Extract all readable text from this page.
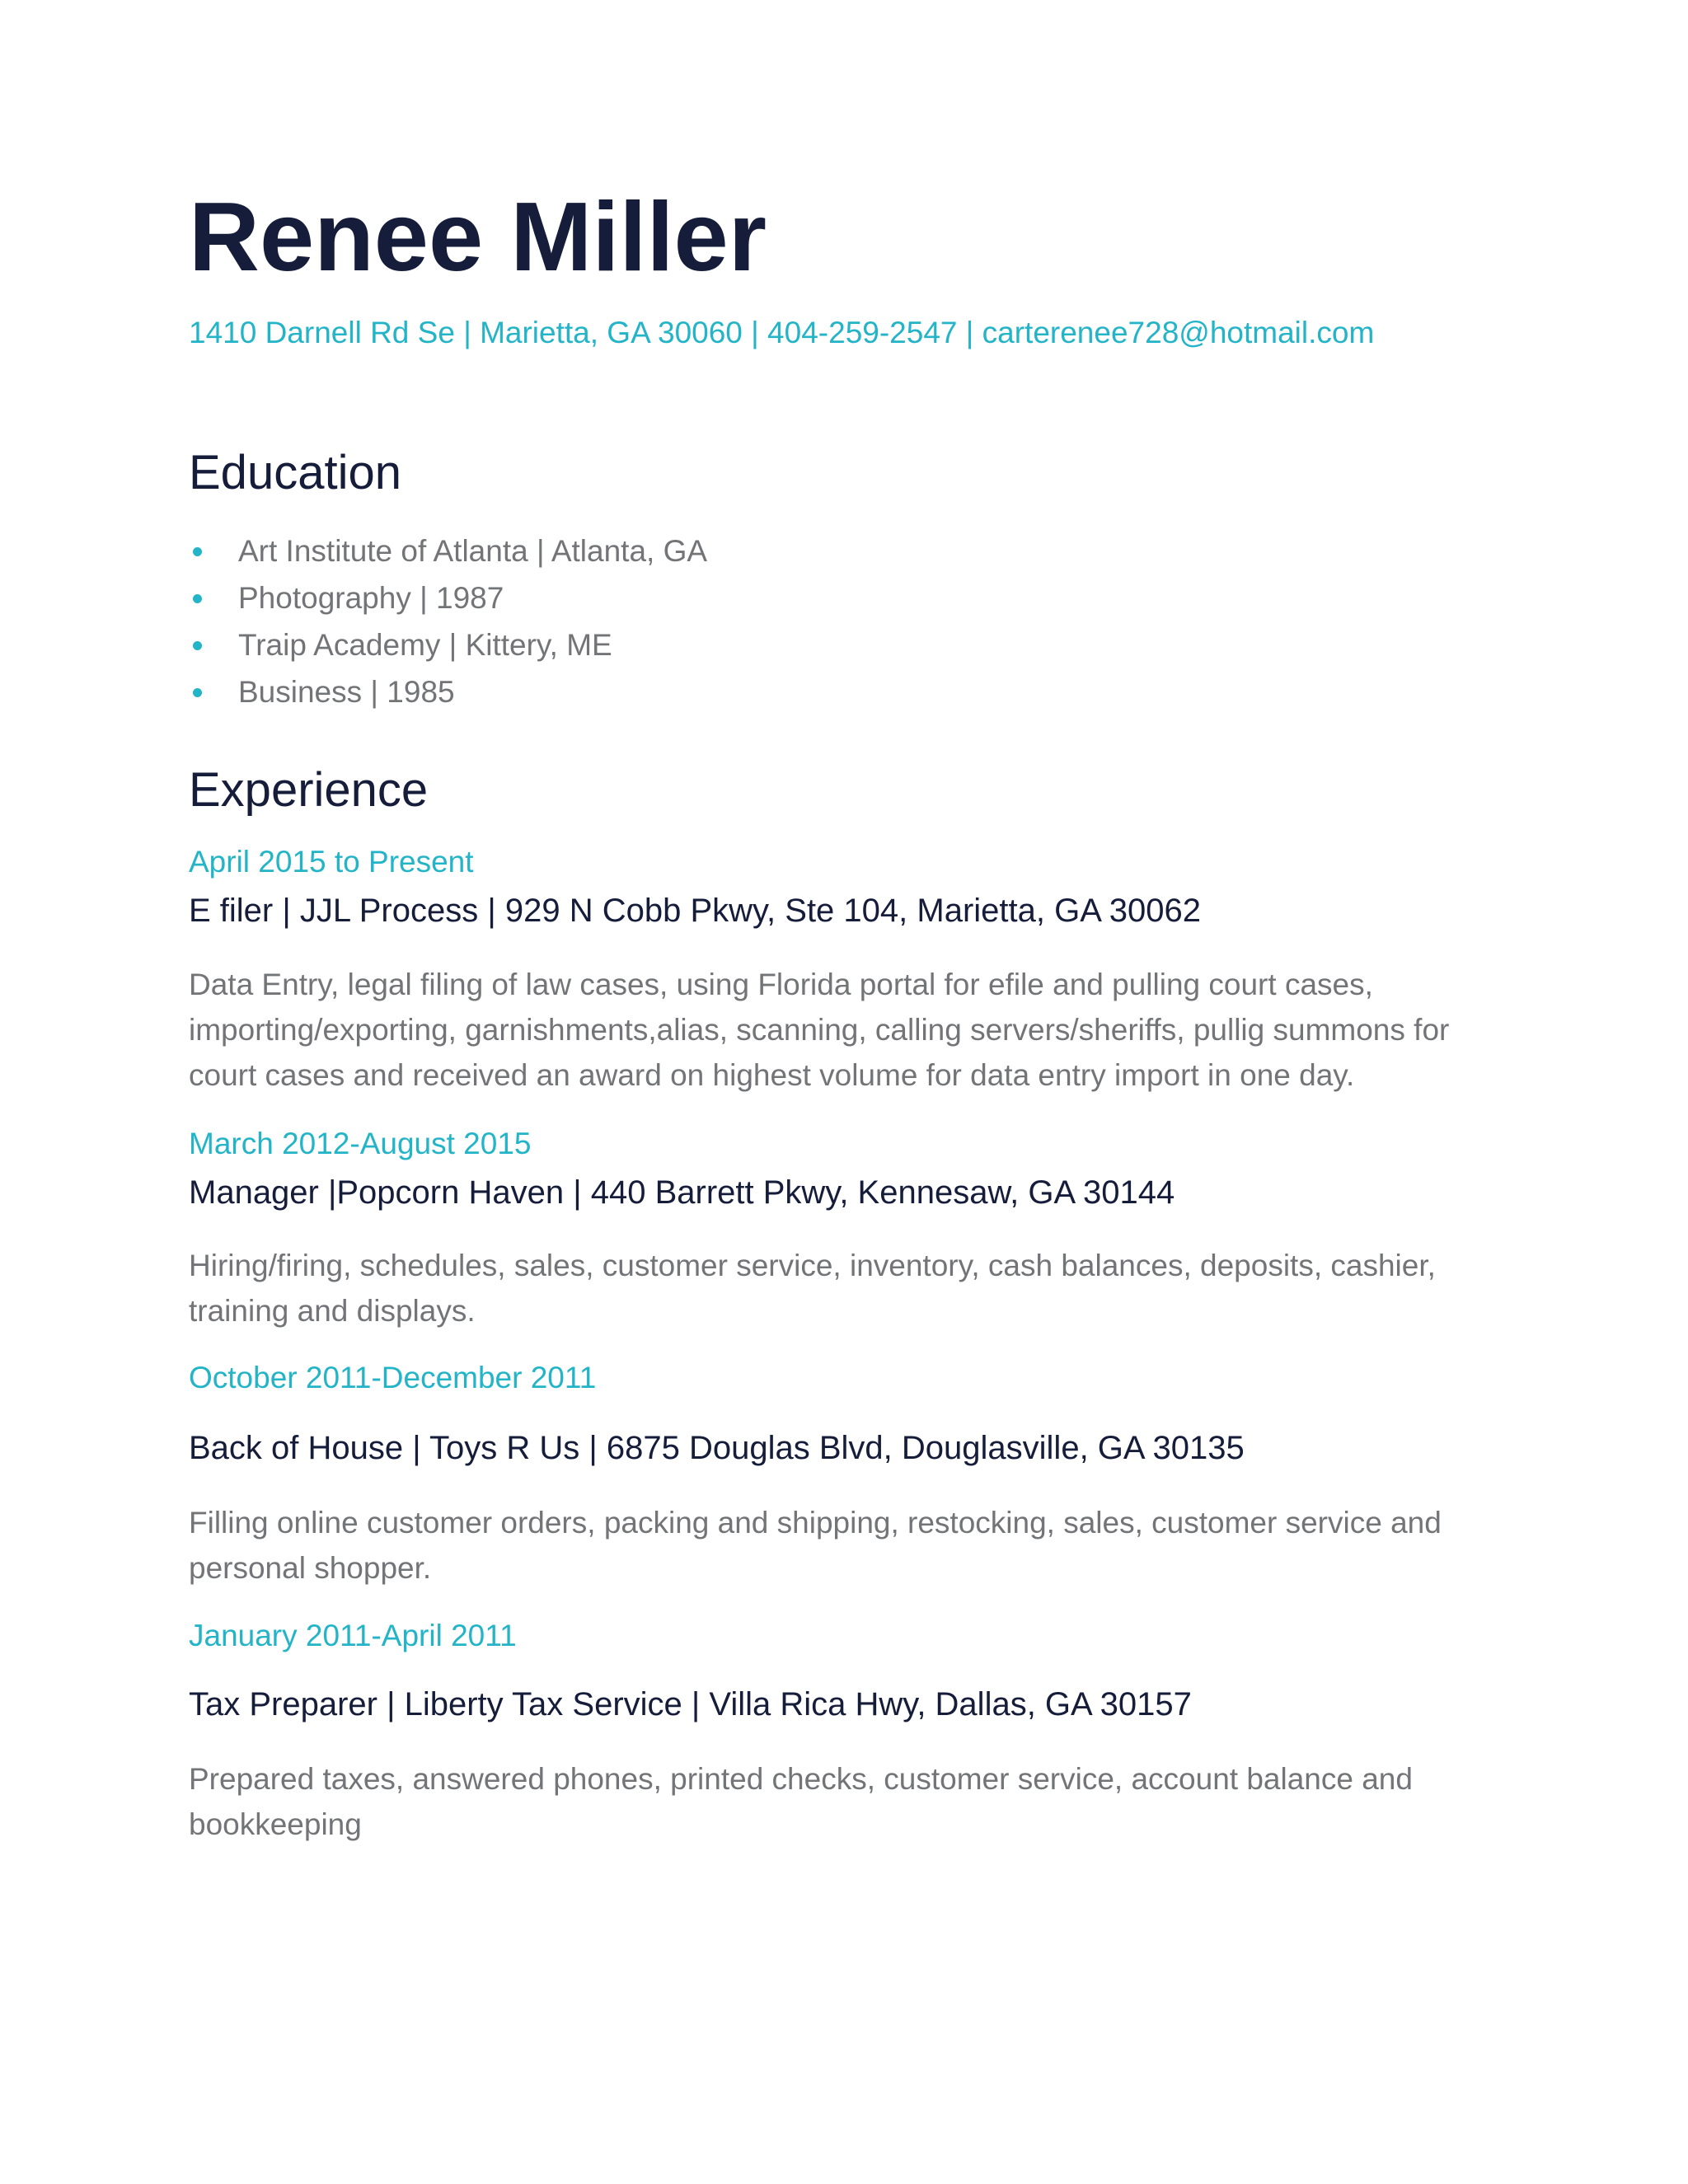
Renee Miller
1410 Darnell Rd Se | Marietta, GA 30060 | 404-259-2547 | carterenee728@hotmail.com
Education
Art Institute of Atlanta | Atlanta, GA
Photography | 1987
Traip Academy | Kittery, ME
Business | 1985
Experience
April 2015 to Present
E filer | JJL Process | 929 N Cobb Pkwy, Ste 104, Marietta, GA 30062
Data Entry, legal filing of law cases, using Florida portal for efile and pulling court cases, importing/exporting, garnishments,alias, scanning, calling servers/sheriffs, pullig summons for court cases and received an award on highest volume for data entry import in one day.
March 2012-August 2015
Manager |Popcorn Haven | 440 Barrett Pkwy, Kennesaw, GA 30144
Hiring/firing, schedules, sales, customer service, inventory, cash balances, deposits, cashier, training and displays.
October 2011-December 2011
Back of House | Toys R Us | 6875 Douglas Blvd, Douglasville, GA 30135
Filling online customer orders, packing and shipping, restocking, sales, customer service and personal shopper.
January 2011-April 2011
Tax Preparer | Liberty Tax Service | Villa Rica Hwy, Dallas, GA 30157
Prepared taxes, answered phones, printed checks, customer service, account balance and bookkeeping
